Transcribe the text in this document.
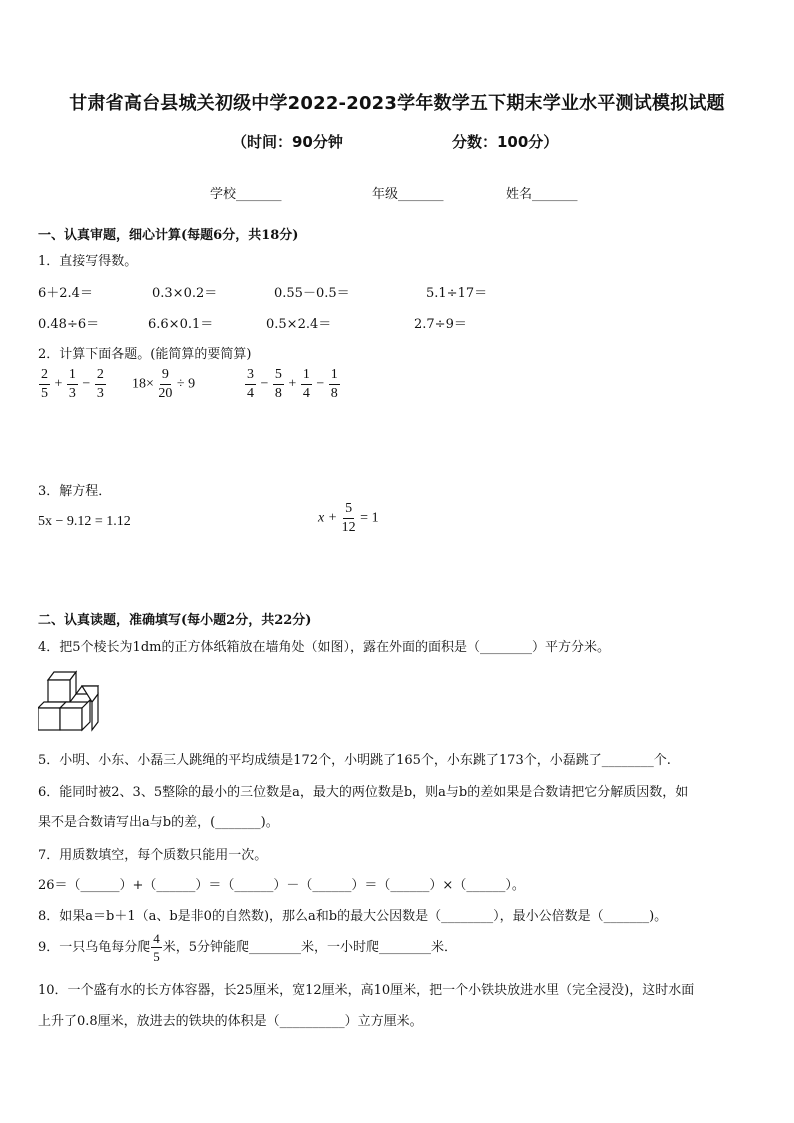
甘肃省高台县城关初级中学2022-2023学年数学五下期末学业水平测试模拟试题
（时间：90分钟	分数：100分）
学校_______	年级_______	姓名_______
一、认真审题，细心计算(每题6分，共18分)
1．直接写得数。
6＋2.4＝	0.3×0.2＝	0.55－0.5＝	5.1÷17＝
0.48÷6＝	6.6×0.1＝	0.5×2.4＝	2.7÷9＝
2．计算下面各题。(能简算的要简算)
$\frac{2}{5} + \frac{1}{3} - \frac{2}{3} 18\times \frac{9}{20} \div 9$	$\frac{3}{4} - \frac{5}{8} + \frac{1}{4} - \frac{1}{8}$
3．解方程．
5x − 9.12 = 1.12	$x + \frac{5}{12} = 1$
二、认真读题，准确填写(每小题2分，共22分)
4．把5个棱长为1dm的正方体纸箱放在墙角处（如图），露在外面的面积是（________）平方分米。
5．小明、小东、小磊三人跳绳的平均成绩是172个，小明跳了165个，小东跳了173个，小磊跳了________个.
6．能同时被2、3、5整除的最小的三位数是a，最大的两位数是b，则a与b的差如果是合数请把它分解质因数，如
果不是合数请写出a与b的差，(_______)。
7．用质数填空，每个质数只能用一次。
26＝（______）+（______）＝（______）－（______）＝（______）×（______）。
8．如果a＝b＋1（a、b是非0的自然数)，那么a和b的最大公因数是（________），最小公倍数是（_______)。
9．一只乌龟每分爬 $\frac{4}{5}$ 米，5分钟能爬________米，一小时爬________米．
10．一个盛有水的长方体容器，长25厘米，宽12厘米，高10厘米，把一个小铁块放进水里（完全浸没)，这时水面
上升了0.8厘米，放进去的铁块的体积是（__________）立方厘米。
